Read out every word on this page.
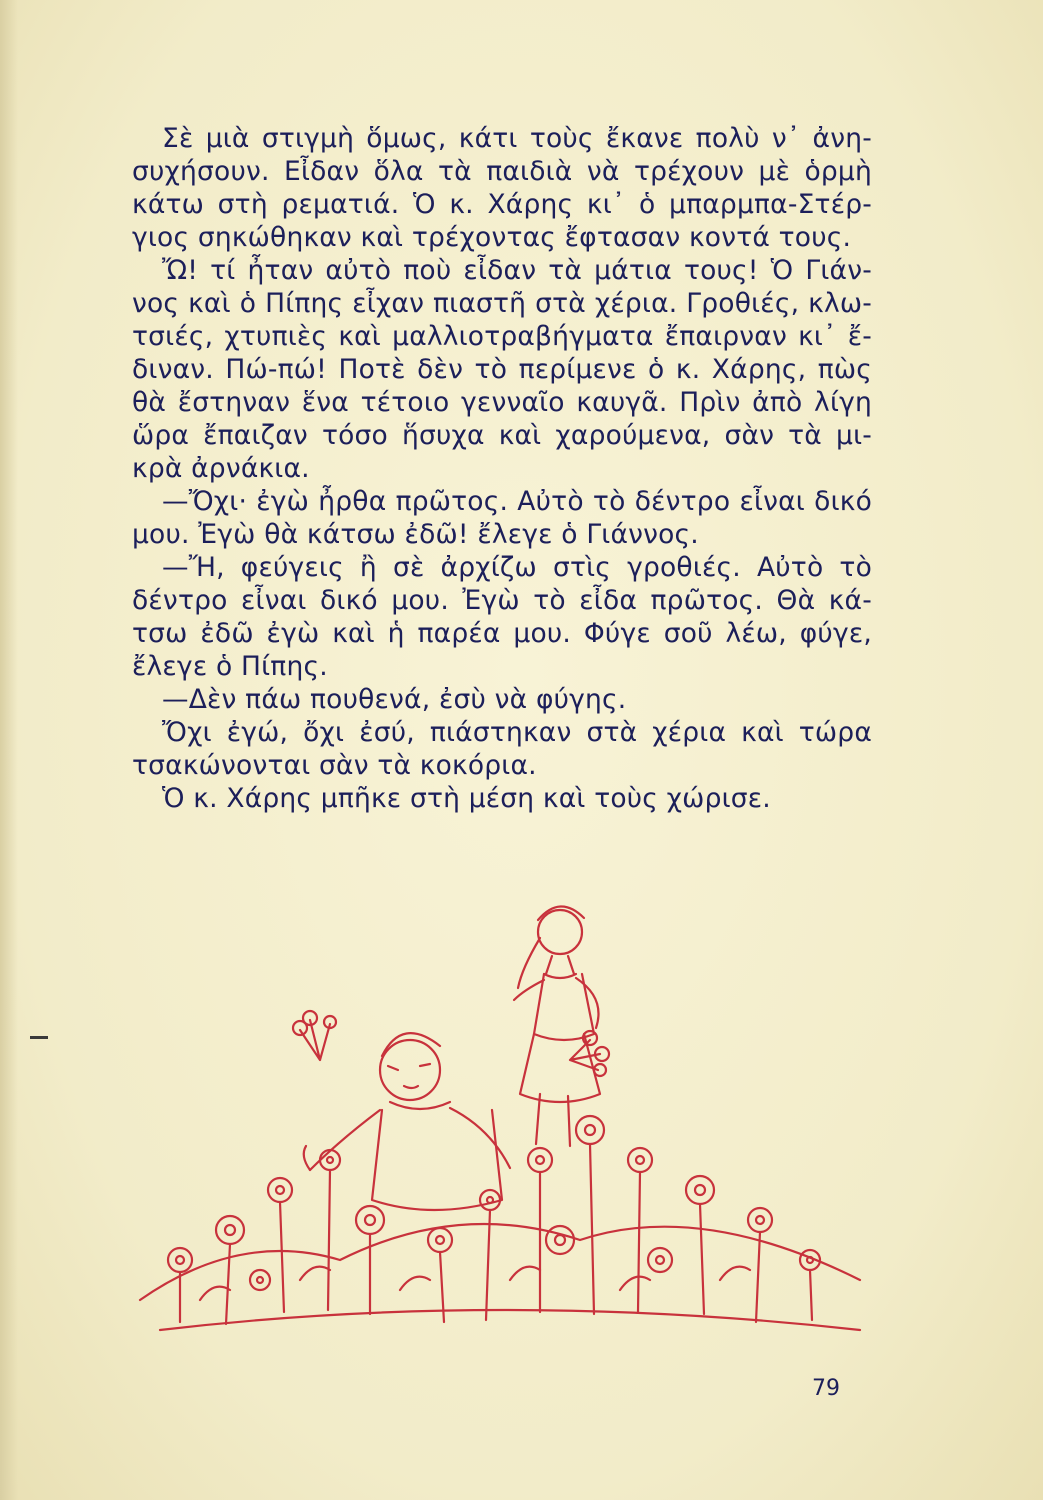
Σὲ μιὰ στιγμὴ ὅμως, κάτι τοὺς ἔκανε πολὺ ν᾿ ἀνη-
συχήσουν. Εἶδαν ὅλα τὰ παιδιὰ νὰ τρέχουν μὲ ὁρμὴ
κάτω στὴ ρεματιά. Ὁ κ. Χάρης κι᾿ ὁ μπαρμπα-Στέρ-
γιος σηκώθηκαν καὶ τρέχοντας ἔφτασαν κοντά τους.
Ὤ! τί ἦταν αὐτὸ ποὺ εἶδαν τὰ μάτια τους! Ὁ Γιάν-
νος καὶ ὁ Πίπης εἶχαν πιαστῆ στὰ χέρια. Γροθιές, κλω-
τσιές, χτυπιὲς καὶ μαλλιοτραβήγματα ἔπαιρναν κι᾿ ἔ-
διναν. Πώ-πώ! Ποτὲ δὲν τὸ περίμενε ὁ κ. Χάρης, πὼς
θὰ ἔστηναν ἕνα τέτοιο γενναῖο καυγᾶ. Πρὶν ἀπὸ λίγη
ὥρα ἔπαιζαν τόσο ἥσυχα καὶ χαρούμενα, σὰν τὰ μι-
κρὰ ἀρνάκια.
—Ὄχι· ἐγὼ ἦρθα πρῶτος. Αὐτὸ τὸ δέντρο εἶναι δικό
μου. Ἐγὼ θὰ κάτσω ἐδῶ! ἔλεγε ὁ Γιάννος.
—Ἤ, φεύγεις ἢ σὲ ἀρχίζω στὶς γροθιές. Αὐτὸ τὸ
δέντρο εἶναι δικό μου. Ἐγὼ τὸ εἶδα πρῶτος. Θὰ κά-
τσω ἐδῶ ἐγὼ καὶ ἡ παρέα μου. Φύγε σοῦ λέω, φύγε,
ἔλεγε ὁ Πίπης.
—Δὲν πάω πουθενά, ἐσὺ νὰ φύγης.
Ὄχι ἐγώ, ὄχι ἐσύ, πιάστηκαν στὰ χέρια καὶ τώρα
τσακώνονται σὰν τὰ κοκόρια.
Ὁ κ. Χάρης μπῆκε στὴ μέση καὶ τοὺς χώρισε.
79
